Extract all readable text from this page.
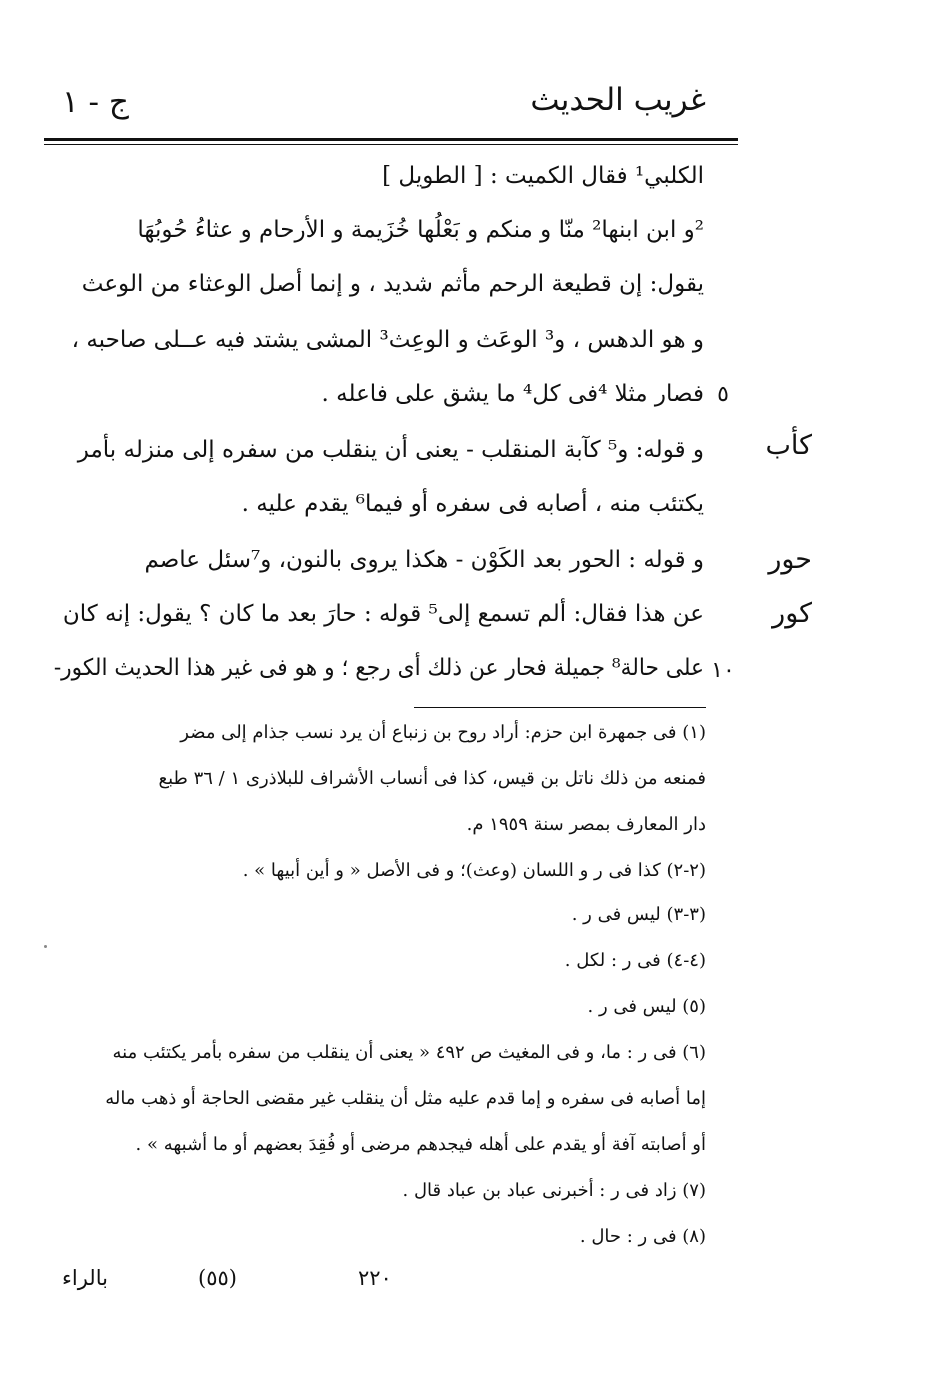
غريب الحديث
ج - ١
الكلبي¹ فقال الكميت : [ الطويل ]
²و ابن ابنها² منّا و منكم و بَعْلُها خُزَيمة و الأرحام و عثاءُ حُوبُهَا
يقول: إن قطيعة الرحم مأثم شديد ، و إنما أصل الوعثاء من الوعث
و هو الدهس ، و³ الوعَث و الوعِث³ المشى يشتد فيه عــلى صاحبه ،
فصار مثلا ⁴فى كل⁴ ما يشق على فاعله .
و قوله: و⁵ كآبة المنقلب - يعنى أن ينقلب من سفره إلى منزله بأمر
يكتئب منه ، أصابه فى سفره أو فيما⁶ يقدم عليه .
و قوله : الحور بعد الكَوْن - هكذا يروى بالنون، و⁷سئل عاصم
عن هذا فقال: ألم تسمع إلى⁵ قوله : حارَ بعد ما كان ؟ يقول: إنه كان
على حالة⁸ جميلة فحار عن ذلك أى رجع ؛ و هو فى غير هذا الحديث الكور-
٥
١٠
كأب
حور
كور
(١) فى جمهرة ابن حزم: أراد روح بن زنباع أن يرد نسب جذام إلى مضر
فمنعه من ذلك ناتل بن قيس، كذا فى أنساب الأشراف للبلاذرى ١ / ٣٦ طبع
دار المعارف بمصر سنة ١٩٥٩ م.
(٢-٢) كذا فى ر و اللسان (وعث)؛ و فى الأصل « و أين أبيها » .
(٣-٣) ليس فى ر .
(٤-٤) فى ر : لكل .
(٥) ليس فى ر .
(٦) فى ر : ما، و فى المغيث ص ٤٩٢ « يعنى أن ينقلب من سفره بأمر يكتئب منه
إما أصابه فى سفره و إما قدم عليه مثل أن ينقلب غير مقضى الحاجة أو ذهب ماله
أو أصابته آفة أو يقدم على أهله فيجدهم مرضى أو فُقِدَ بعضهم أو ما أشبهه » .
(٧) زاد فى ر : أخبرنى عباد بن عباد قال .
(٨) فى ر : حال .
بالراء	(٥٥)	٢٢٠
